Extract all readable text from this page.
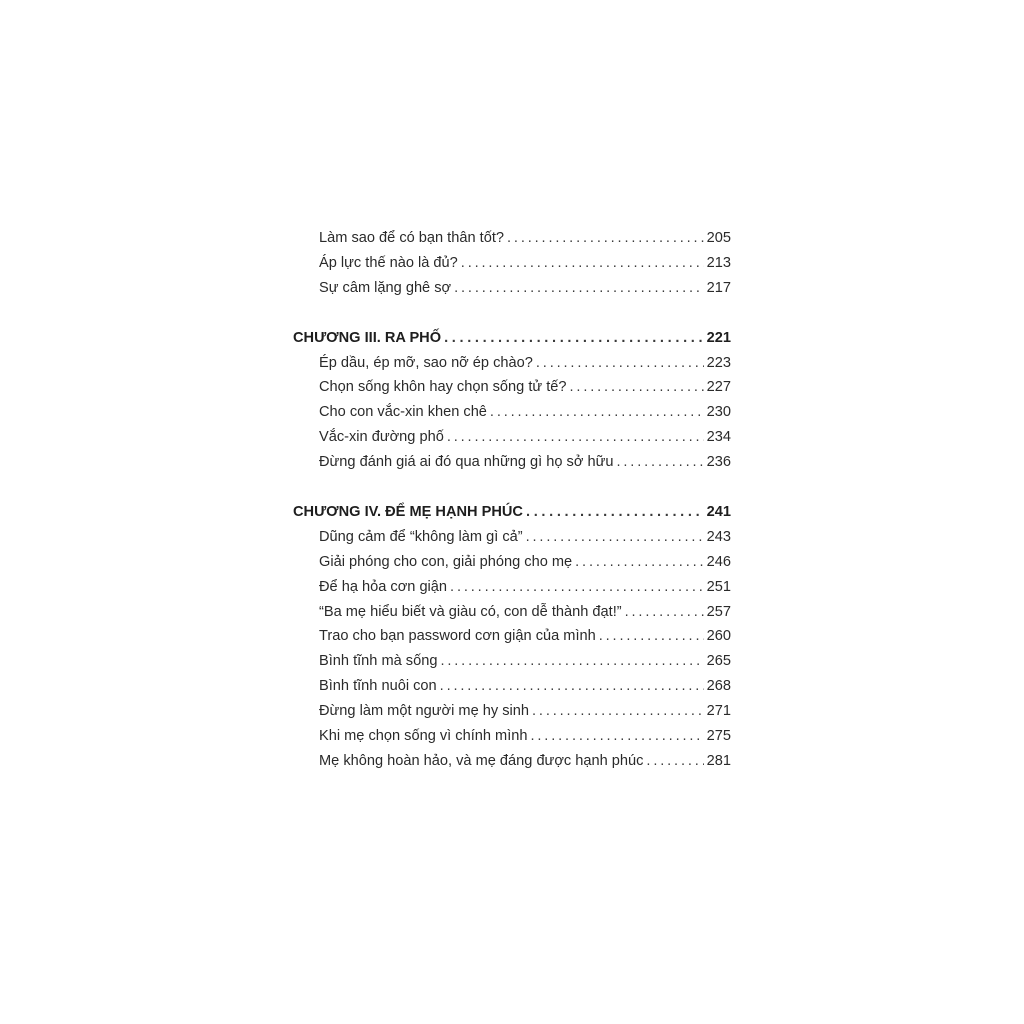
Làm sao để có bạn thân tốt? . . .	205
Áp lực thế nào là đủ? . . .	213
Sự câm lặng ghê sợ . . .	217
CHƯƠNG III. RA PHỐ . . .	221
Ép dầu, ép mỡ, sao nỡ ép chào? . . .	223
Chọn sống khôn hay chọn sống tử tế? . . .	227
Cho con vắc-xin khen chê . . .	230
Vắc-xin đường phố . . .	234
Đừng đánh giá ai đó qua những gì họ sở hữu . . .	236
CHƯƠNG IV. ĐỂ MẸ HẠNH PHÚC . . .	241
Dũng cảm để “không làm gì cả” . . .	243
Giải phóng cho con, giải phóng cho mẹ . . .	246
Để hạ hỏa cơn giận . . .	251
“Ba mẹ hiểu biết và giàu có, con dễ thành đạt!” . . .	257
Trao cho bạn password cơn giận của mình . . .	260
Bình tĩnh mà sống . . .	265
Bình tĩnh nuôi con . . .	268
Đừng làm một người mẹ hy sinh . . .	271
Khi mẹ chọn sống vì chính mình . . .	275
Mẹ không hoàn hảo, và mẹ đáng được hạnh phúc . . .	281
